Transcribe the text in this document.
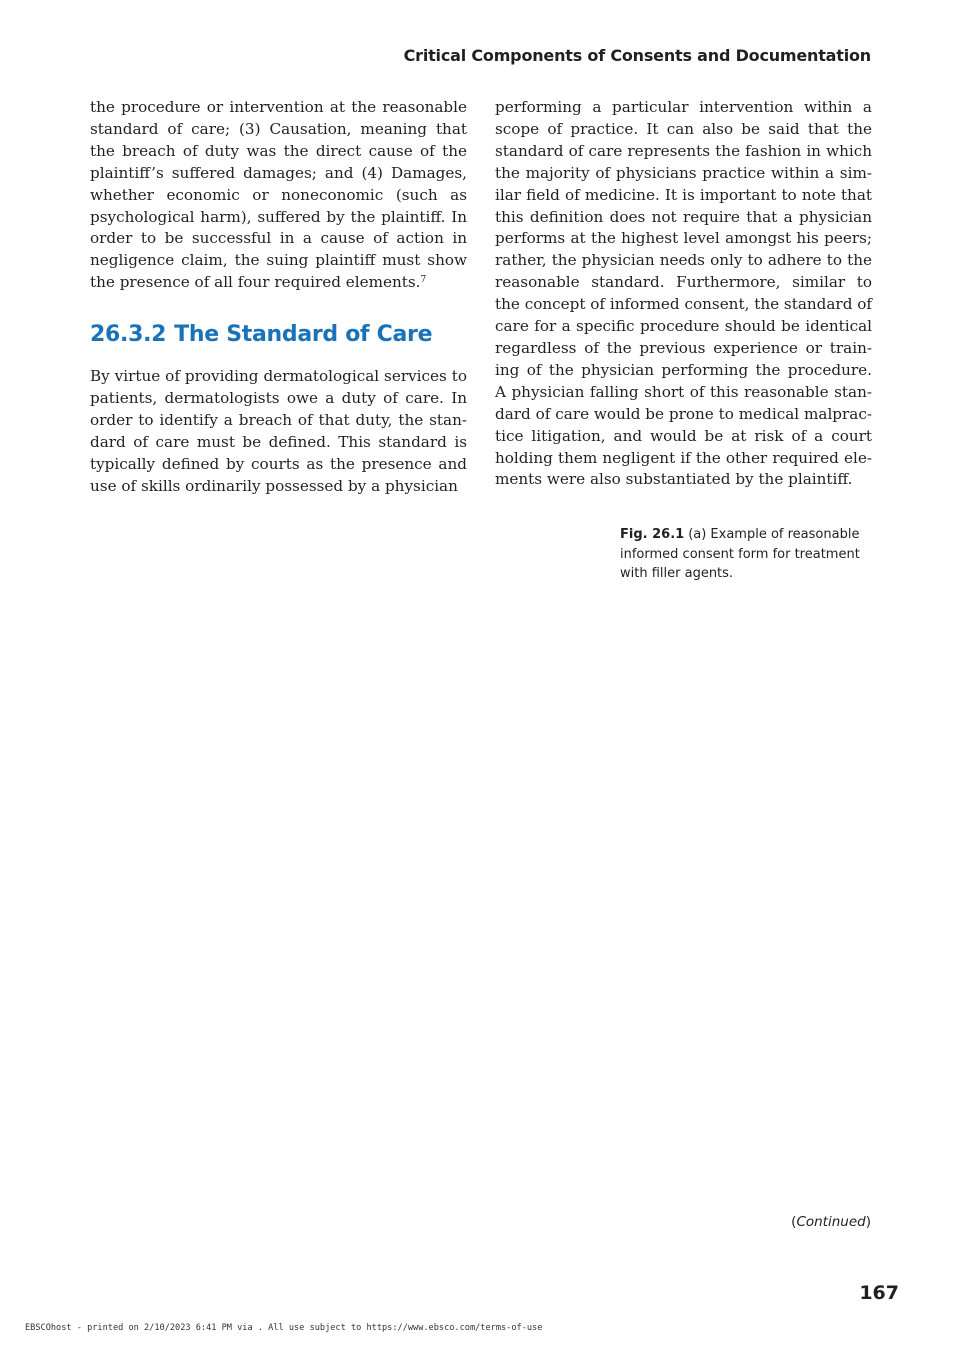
Critical Components of Consents and Documentation

the procedure or intervention at the reasonable standard of care; (3) Causation, meaning that the breach of duty was the direct cause of the plaintiff’s suffered damages; and (4) Damages, whether economic or noneconomic (such as psychological harm), suffered by the plaintiff. In order to be successful in a cause of action in negligence claim, the suing plaintiff must show the presence of all four required elements.$^7$

26.3.2 The Standard of Care

By virtue of providing dermatological services to patients, dermatologists owe a duty of care. In order to identify a breach of that duty, the standard of care must be defined. This standard is typically defined by courts as the presence and use of skills ordinarily possessed by a physician

performing a particular intervention within a scope of practice. It can also be said that the standard of care represents the fashion in which the majority of physicians practice within a similar field of medicine. It is important to note that this definition does not require that a physician performs at the highest level amongst his peers; rather, the physician needs only to adhere to the reasonable standard. Furthermore, similar to the concept of informed consent, the standard of care for a specific procedure should be identical regardless of the previous experience or training of the physician performing the procedure. A physician falling short of this reasonable standard of care would be prone to medical malpractice litigation, and would be at risk of a court holding them negligent if the other required elements were also substantiated by the plaintiff.

Fig. 26.1 (a) Example of reasonable informed consent form for treatment with filler agents.
(Continued)
167
EBSCOhost - printed on 2/10/2023 6:41 PM via . All use subject to https://www.ebsco.com/terms-of-use
